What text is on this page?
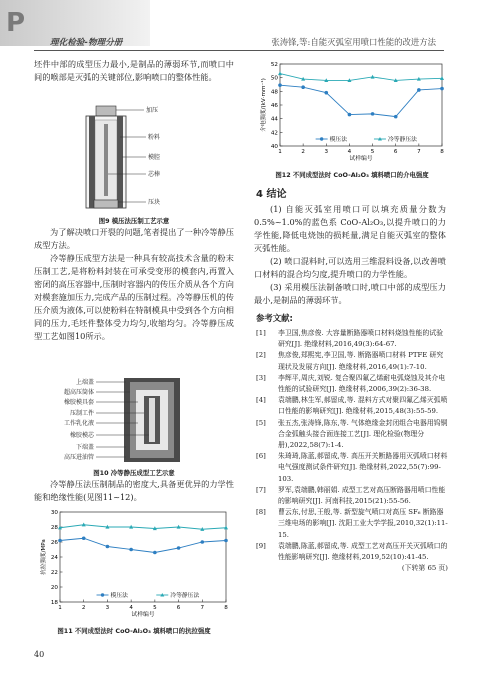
P
理化检验-物理分册	张涛锋,等:自能灭弧室用喷口性能的改进方法

坯件中部的成型压力最小,是制品的薄弱环节,而喷口中间的喉部是灭弧的关键部位,影响喷口的整体性能。

加压
粉料
模腔
芯棒
压块
图9 模压法压制工艺示意

为了解决喷口开裂的问题,笔者提出了一种冷等静压成型方法。

冷等静压成型方法是一种具有较高技术含量的粉末压制工艺,是将粉料封装在可承受变形的模套内,再置入密闭的高压容器中,压制时容器内的传压介质从各个方向对模套施加压力,完成产品的压制过程。冷等静压机的传压介质为液体,可以使粉料在特制模具中受到各个方向相同的压力,毛坯件整体受力均匀,收缩均匀。冷等静压成型工艺如图10所示。

上端盖
超高压筒体
橡胶模具套
压制工件
工作乳化液
橡胶模芯
下端盖
高压进油管
图10 冷等静压成型工艺示意

冷等静压法压制制品的密度大,具备更优异的力学性能和绝缘性能(见图11~12)。

18
20
22
24
26
28
30
1	2	3	4	5	6	7	8
试样编号
抗拉强度/MPa
模压法	冷等静压法
图11 不同成型法时 CoO-Al₂O₃ 填料喷口的抗拉强度
40
42
44
46
48
50
52
1	2	3	4	5	6	7	8
试样编号
介电强度/(kV·mm⁻¹)
模压法	冷等静压法
图12 不同成型法时 CoO-Al₂O₃ 填料喷口的介电强度
4 结论

(1) 自能灭弧室用喷口可以填充质量分数为0.5%~1.0%的蓝色系 CoO-Al₂O₃,以提升喷口的力学性能,降低电烧蚀的损耗量,满足自能灭弧室的整体灭弧性能。

(2) 喷口混料时,可以选用三维混料设备,以改善喷口材料的混合均匀度,提升喷口的力学性能。

(3) 采用模压法制备喷口时,喷口中部的成型压力最小,是制品的薄弱环节。

参考文献:
[1]	李卫国,焦彦俊. 大容量断路器喷口材料烧蚀性能的试验研究[J]. 绝缘材料,2016,49(3):64-67.
[2]	焦彦俊,郑熙宪,李卫国,等. 断路器喷口材料 PTFE 研究现状及发展方向[J]. 绝缘材料,2016,49(1):7-10.
[3]	李辉平,周庆,刘锐. 复合聚四氟乙烯耐电弧烧蚀及其介电性能的试验研究[J]. 绝缘材料,2006,39(2):36-38.
[4]	袁端鹏,林生军,郝留成,等. 混料方式对聚四氟乙烯灭弧喷口性能的影响研究[J]. 绝缘材料,2015,48(3):55-59.
[5]	张五杰,张涛锋,陈东,等. 气体绝缘金封闭组合电器用钨铜合金弧触头接合面连接工艺[J]. 理化检验(物理分册),2022,58(7):1-4.
[6]	朱琦琦,陈蓝,郝留成,等. 高压开关断路器用灭弧喷口材料电气强度测试条件研究[J]. 绝缘材料,2022,55(7):99-103.
[7]	罗军,袁端鹏,韩丽娟. 成型工艺对高压断路器用喷口性能的影响研究[J]. 河南科技,2015(21):55-56.
[8]	曹云东,付思,王般,等. 新型旋气喷口对高压 SF₆ 断路器三维电场的影响[J]. 沈阳工业大学学报,2010,32(1):11-15.
[9]	袁端鹏,陈蓝,郝留成,等. 成型工艺对高压开关灭弧喷口的性能影响研究[J]. 绝缘材料,2019,52(10):41-45.
(下转第 65 页)
40
